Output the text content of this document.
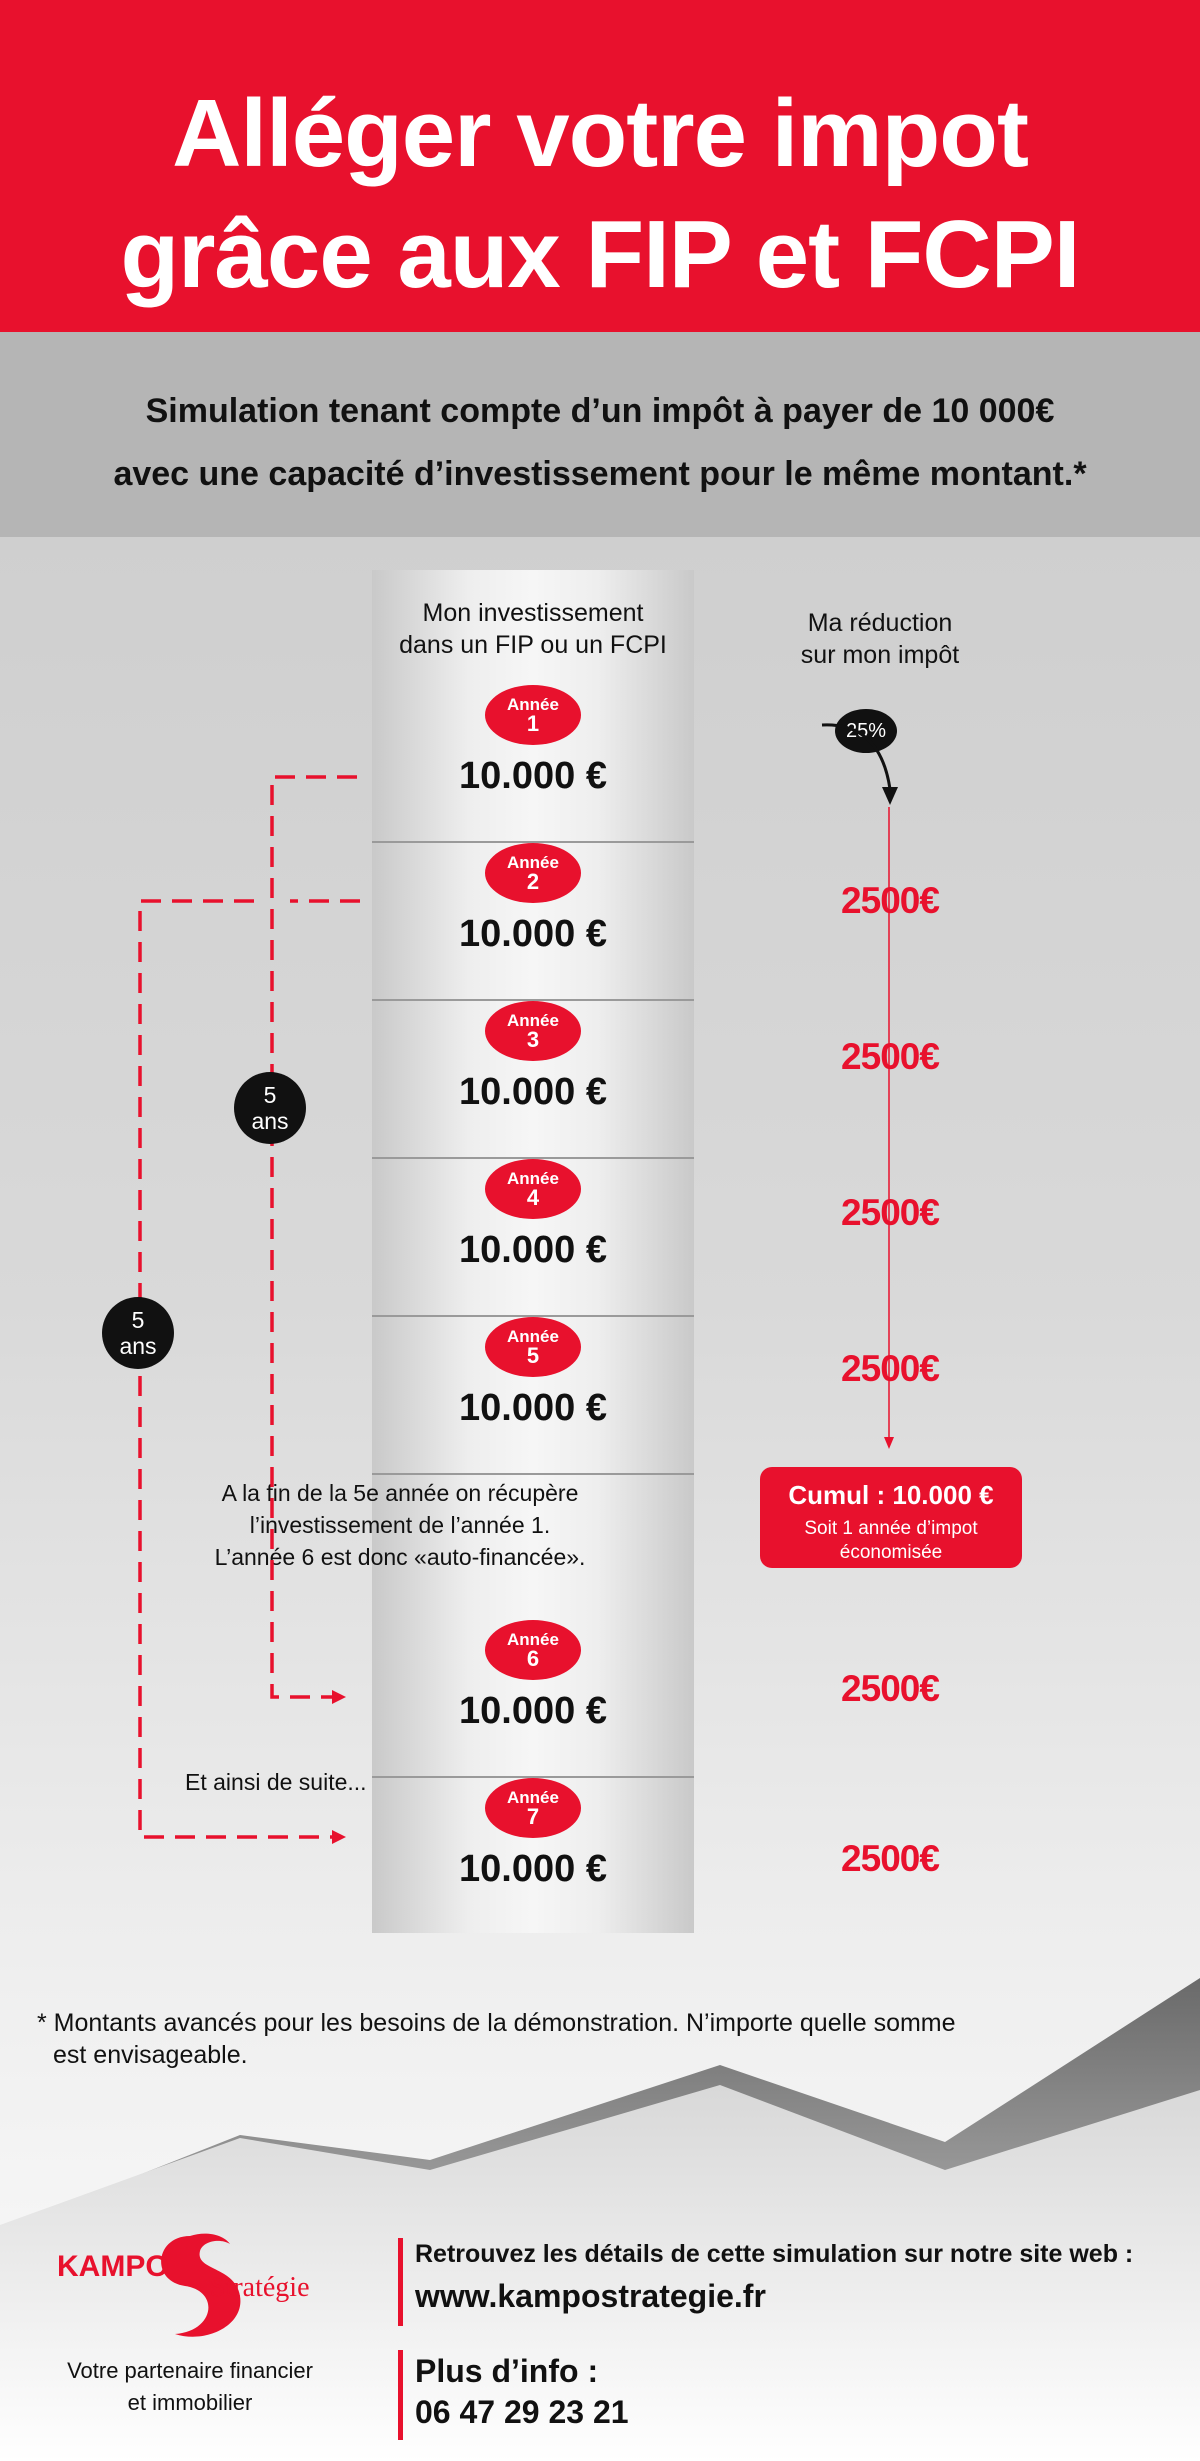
Alléger votre impot
grâce aux FIP et FCPI
Simulation tenant compte d’un impôt à payer de 10 000€
avec une capacité d’investissement pour le même montant.*
Mon investissement
dans un FIP ou un FCPI
Ma réduction
sur mon impôt
Année
1
10.000 €
Année
2
10.000 €
Année
3
10.000 €
Année
4
10.000 €
Année
5
10.000 €
Année
6
10.000 €
Année
7
10.000 €
25%
2500€
2500€
2500€
2500€
2500€
2500€
Cumul : 10.000 €
Soit 1 année d’impot
économisée
A la fin de la 5e année on récupère
l’investissement de l’année 1.
L’année 6 est donc «auto-financée».
Et ainsi de suite...
5
ans
5
ans
* Montants avancés pour les besoins de la démonstration. N’importe quelle somme
est envisageable.
KAMPO
Stratégie
Votre partenaire financier
et immobilier
Retrouvez les détails de cette simulation sur notre site web :
www.kampostrategie.fr
Plus d’info :
06 47 29 23 21
